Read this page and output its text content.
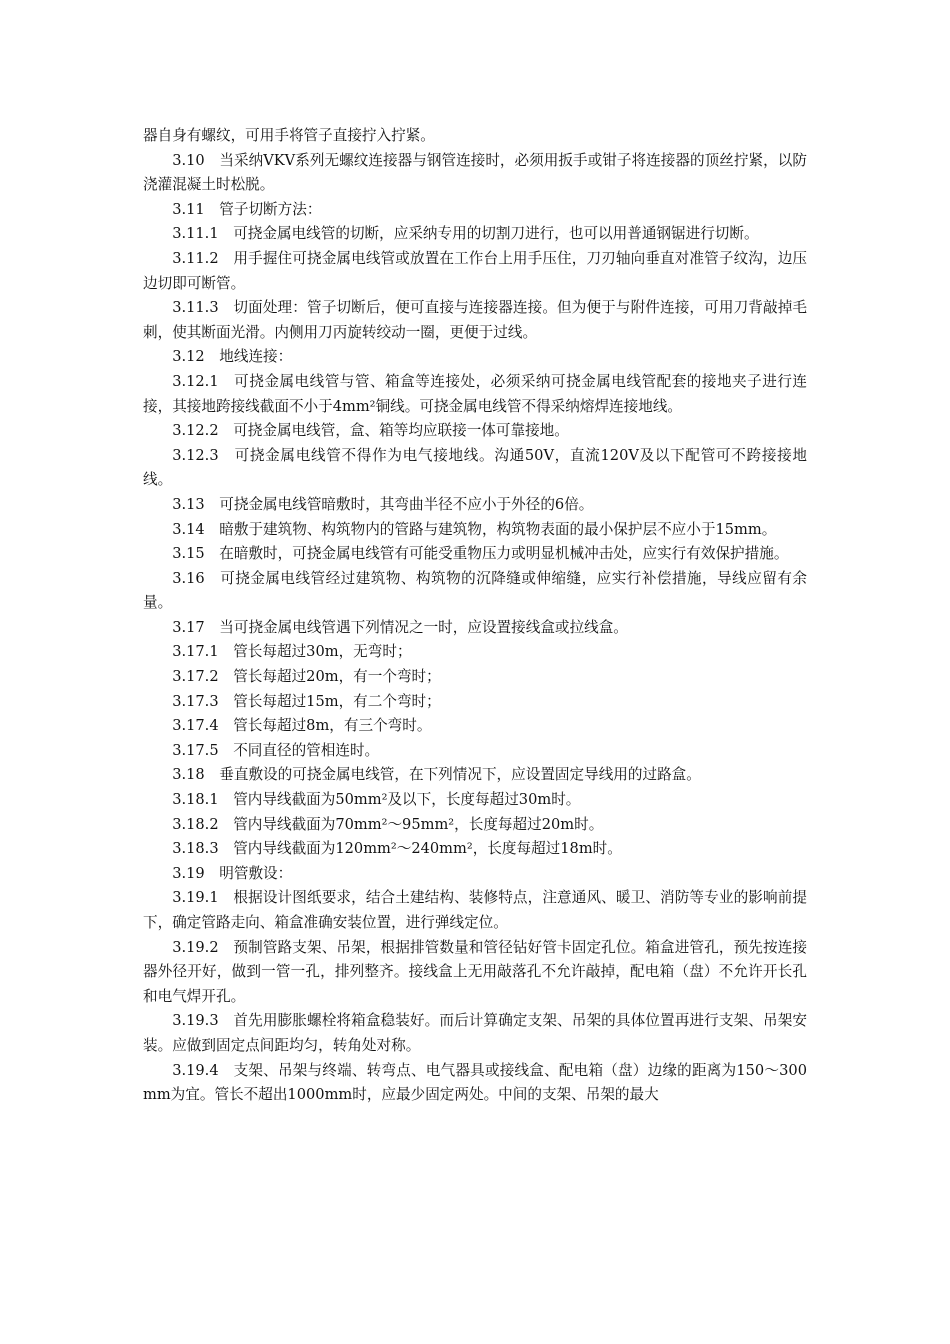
器自身有螺纹，可用手将管子直接拧入拧紧。

3.10　当采纳VKV系列无螺纹连接器与钢管连接时，必须用扳手或钳子将连接器的顶丝拧紧，以防浇灌混凝土时松脱。

3.11　管子切断方法：

3.11.1　可挠金属电线管的切断，应采纳专用的切割刀进行，也可以用普通钢锯进行切断。

3.11.2　用手握住可挠金属电线管或放置在工作台上用手压住，刀刃轴向垂直对准管子纹沟，边压边切即可断管。

3.11.3　切面处理：管子切断后，便可直接与连接器连接。但为便于与附件连接，可用刀背敲掉毛刺，使其断面光滑。内侧用刀丙旋转绞动一圈，更便于过线。

3.12　地线连接：

3.12.1　可挠金属电线管与管、箱盒等连接处，必须采纳可挠金属电线管配套的接地夹子进行连接，其接地跨接线截面不小于4mm²铜线。可挠金属电线管不得采纳熔焊连接地线。

3.12.2　可挠金属电线管，盒、箱等均应联接一体可靠接地。

3.12.3　可挠金属电线管不得作为电气接地线。沟通50V，直流120V及以下配管可不跨接接地线。

3.13　可挠金属电线管暗敷时，其弯曲半径不应小于外径的6倍。

3.14　暗敷于建筑物、构筑物内的管路与建筑物，构筑物表面的最小保护层不应小于15mm。

3.15　在暗敷时，可挠金属电线管有可能受重物压力或明显机械冲击处，应实行有效保护措施。

3.16　可挠金属电线管经过建筑物、构筑物的沉降缝或伸缩缝，应实行补偿措施，导线应留有余量。

3.17　当可挠金属电线管遇下列情况之一时，应设置接线盒或拉线盒。

3.17.1　管长每超过30m，无弯时；

3.17.2　管长每超过20m，有一个弯时；

3.17.3　管长每超过15m，有二个弯时；

3.17.4　管长每超过8m，有三个弯时。

3.17.5　不同直径的管相连时。

3.18　垂直敷设的可挠金属电线管，在下列情况下，应设置固定导线用的过路盒。

3.18.1　管内导线截面为50mm²及以下，长度每超过30m时。

3.18.2　管内导线截面为70mm²～95mm²，长度每超过20m时。

3.18.3　管内导线截面为120mm²～240mm²，长度每超过18m时。

3.19　明管敷设：

3.19.1　根据设计图纸要求，结合土建结构、装修特点，注意通风、暖卫、消防等专业的影响前提下，确定管路走向、箱盒准确安装位置，进行弹线定位。

3.19.2　预制管路支架、吊架，根据排管数量和管径钻好管卡固定孔位。箱盒进管孔，预先按连接器外径开好，做到一管一孔，排列整齐。接线盒上无用敲落孔不允许敲掉，配电箱（盘）不允许开长孔和电气焊开孔。

3.19.3　首先用膨胀螺栓将箱盒稳装好。而后计算确定支架、吊架的具体位置再进行支架、吊架安装。应做到固定点间距均匀，转角处对称。

3.19.4　支架、吊架与终端、转弯点、电气器具或接线盒、配电箱（盘）边缘的距离为150～300mm为宜。管长不超出1000mm时，应最少固定两处。中间的支架、吊架的最大
